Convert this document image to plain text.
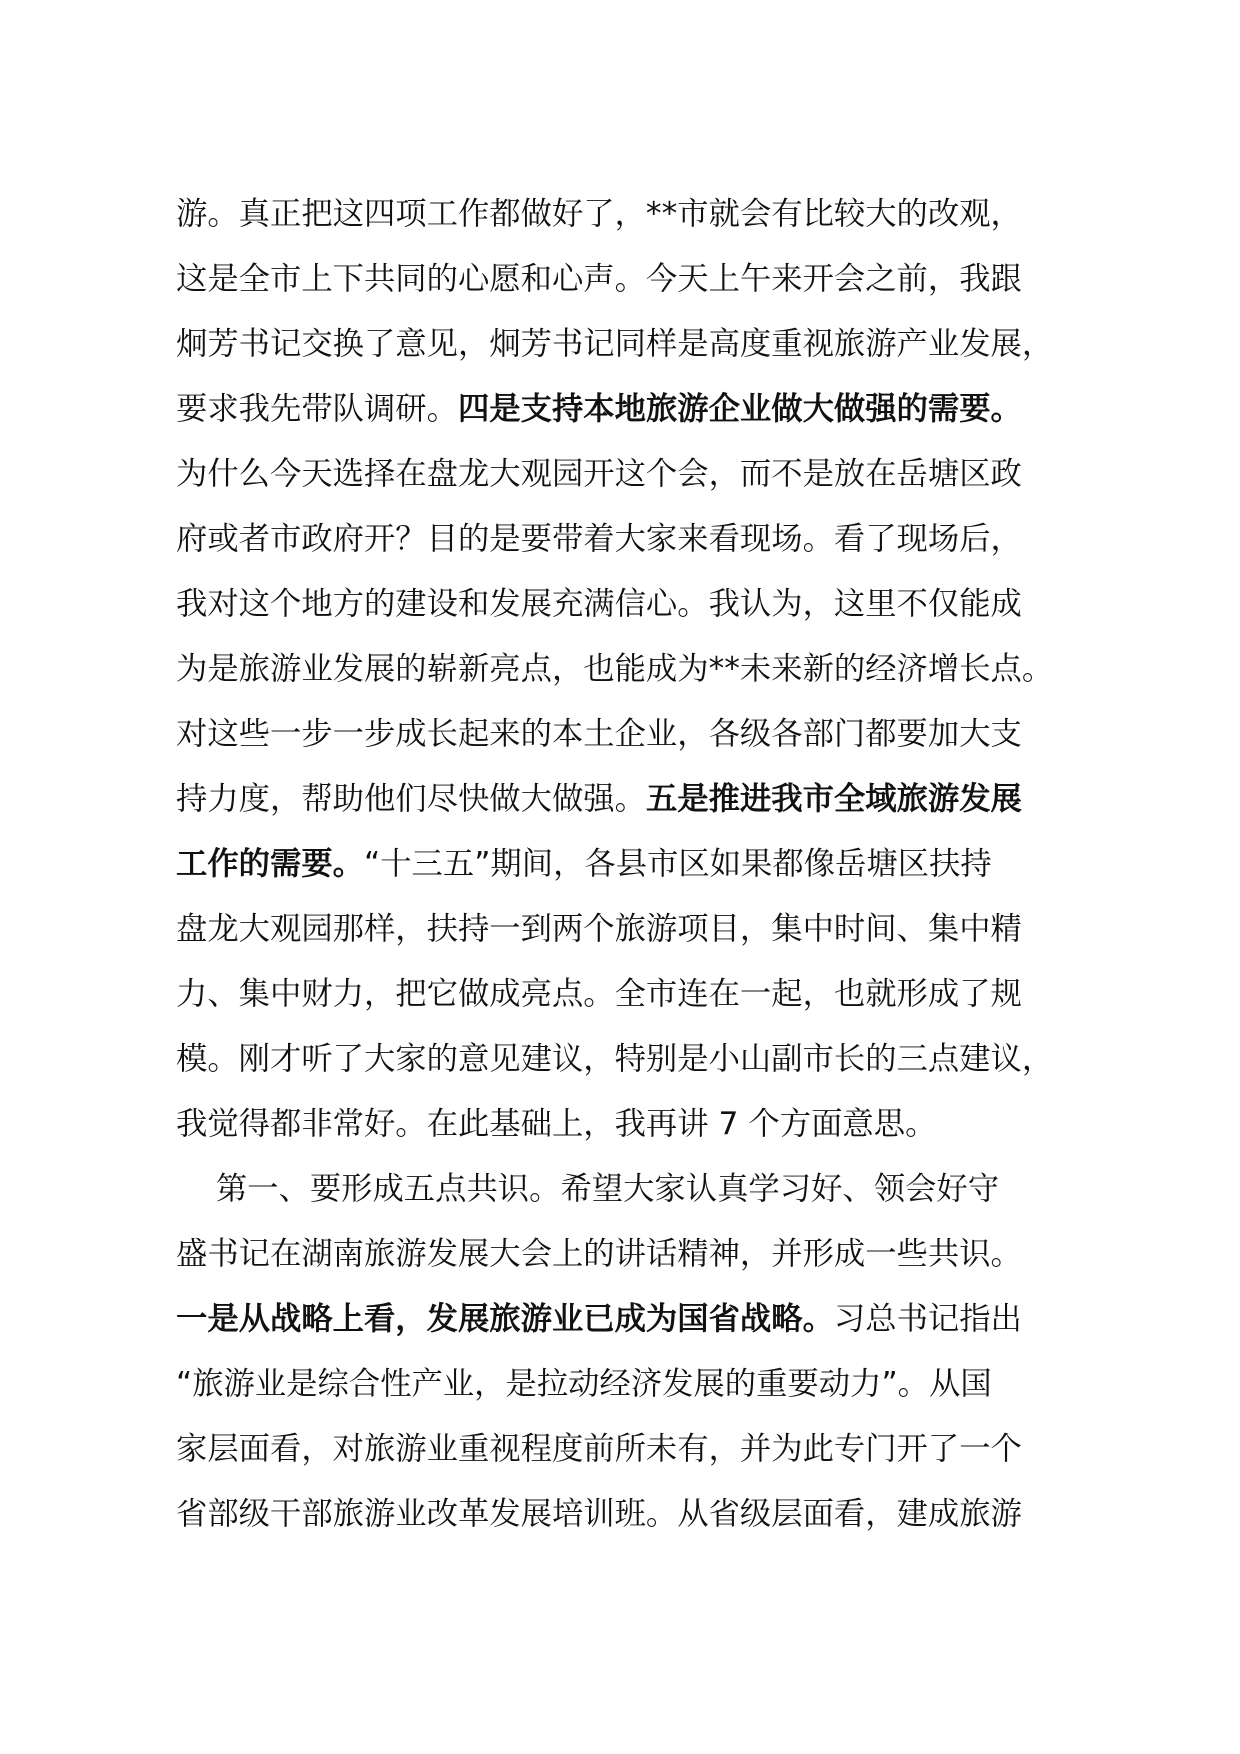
游。真正把这四项工作都做好了，**市就会有比较大的改观，
这是全市上下共同的心愿和心声。今天上午来开会之前，我跟
炯芳书记交换了意见，炯芳书记同样是高度重视旅游产业发展，
要求我先带队调研。四是支持本地旅游企业做大做强的需要。
为什么今天选择在盘龙大观园开这个会，而不是放在岳塘区政
府或者市政府开？目的是要带着大家来看现场。看了现场后，
我对这个地方的建设和发展充满信心。我认为，这里不仅能成
为是旅游业发展的崭新亮点，也能成为**未来新的经济增长点。
对这些一步一步成长起来的本土企业，各级各部门都要加大支
持力度，帮助他们尽快做大做强。五是推进我市全域旅游发展
工作的需要。“十三五”期间，各县市区如果都像岳塘区扶持
盘龙大观园那样，扶持一到两个旅游项目，集中时间、集中精
力、集中财力，把它做成亮点。全市连在一起，也就形成了规
模。刚才听了大家的意见建议，特别是小山副市长的三点建议，
我觉得都非常好。在此基础上，我再讲 7 个方面意思。
第一、要形成五点共识。希望大家认真学习好、领会好守
盛书记在湖南旅游发展大会上的讲话精神，并形成一些共识。
一是从战略上看，发展旅游业已成为国省战略。习总书记指出
“旅游业是综合性产业，是拉动经济发展的重要动力”。从国
家层面看，对旅游业重视程度前所未有，并为此专门开了一个
省部级干部旅游业改革发展培训班。从省级层面看，建成旅游
